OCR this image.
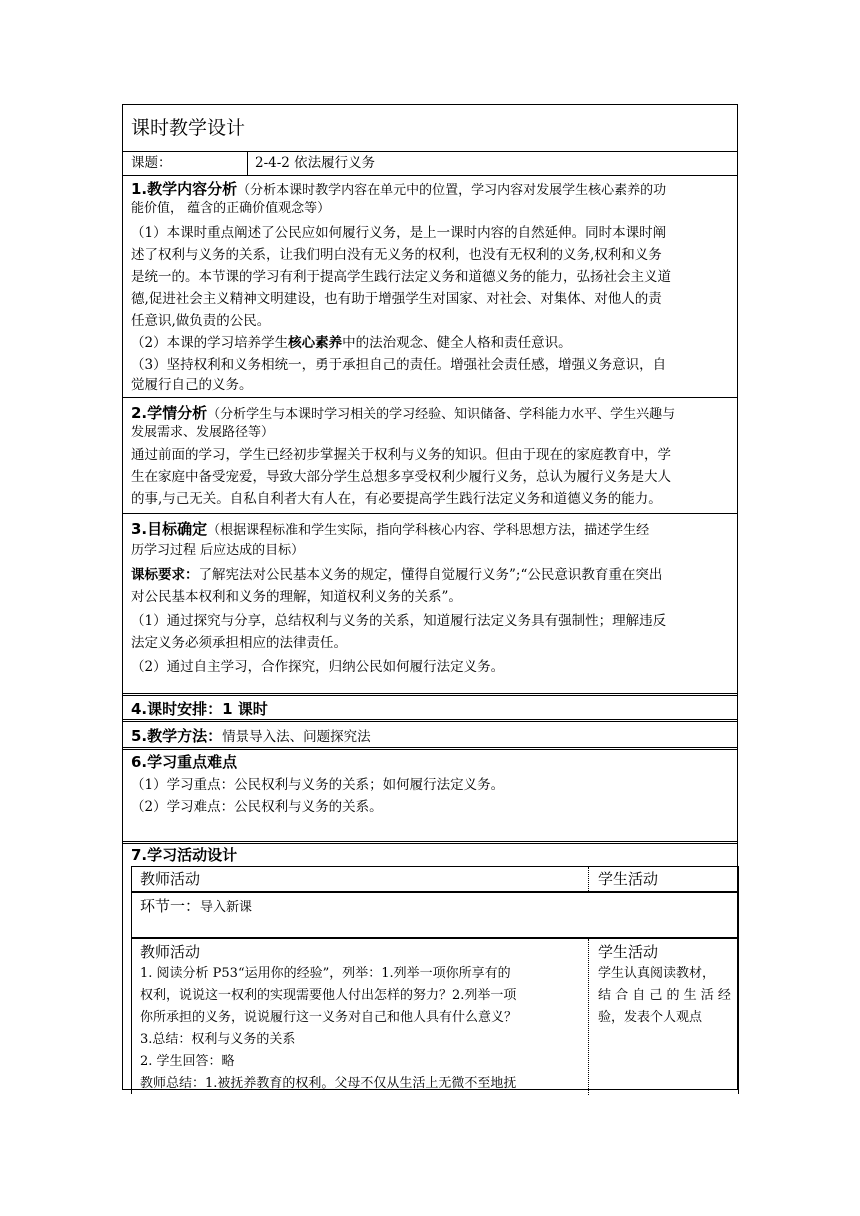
课时教学设计
课题：	2-4-2 依法履行义务
1.教学内容分析（分析本课时教学内容在单元中的位置，学习内容对发展学生核心素养的功
能价值， 蕴含的正确价值观念等）
（1）本课时重点阐述了公民应如何履行义务，是上一课时内容的自然延伸。同时本课时阐
述了权利与义务的关系，让我们明白没有无义务的权利，也没有无权利的义务,权利和义务
是统一的。本节课的学习有利于提高学生践行法定义务和道德义务的能力，弘扬社会主义道
德,促进社会主义精神文明建设，也有助于增强学生对国家、对社会、对集体、对他人的责
任意识,做负责的公民。
（2）本课的学习培养学生核心素养中的法治观念、健全人格和责任意识。
（3）坚持权利和义务相统一，勇于承担自己的责任。增强社会责任感，增强义务意识，自
觉履行自己的义务。
2.学情分析（分析学生与本课时学习相关的学习经验、知识储备、学科能力水平、学生兴趣与
发展需求、发展路径等）
通过前面的学习，学生已经初步掌握关于权利与义务的知识。但由于现在的家庭教育中，学
生在家庭中备受宠爱，导致大部分学生总想多享受权利少履行义务，总认为履行义务是大人
的事,与己无关。自私自利者大有人在，有必要提高学生践行法定义务和道德义务的能力。
3.目标确定（根据课程标准和学生实际，指向学科核心内容、学科思想方法，描述学生经
历学习过程 后应达成的目标）
课标要求：了解宪法对公民基本义务的规定，懂得自觉履行义务”;“公民意识教育重在突出
对公民基本权利和义务的理解，知道权利义务的关系”。
（1）通过探究与分享，总结权利与义务的关系，知道履行法定义务具有强制性；理解违反
法定义务必须承担相应的法律责任。
（2）通过自主学习，合作探究，归纳公民如何履行法定义务。
4.课时安排：1 课时
5.教学方法：情景导入法、问题探究法
6.学习重点难点
（1）学习重点：公民权利与义务的关系；如何履行法定义务。
（2）学习难点：公民权利与义务的关系。
7.学习活动设计
教师活动	学生活动
环节一：导入新课
教师活动
1. 阅读分析 P53“运用你的经验”，列举：1.列举一项你所享有的
权利，说说这一权利的实现需要他人付出怎样的努力？2.列举一项
你所承担的义务，说说履行这一义务对自己和他人具有什么意义？
3.总结：权利与义务的关系
2. 学生回答：略
教师总结：1.被抚养教育的权利。父母不仅从生活上无微不至地抚
学生活动
学生认真阅读教材，
结 合 自 己 的 生 活 经
验，发表个人观点
